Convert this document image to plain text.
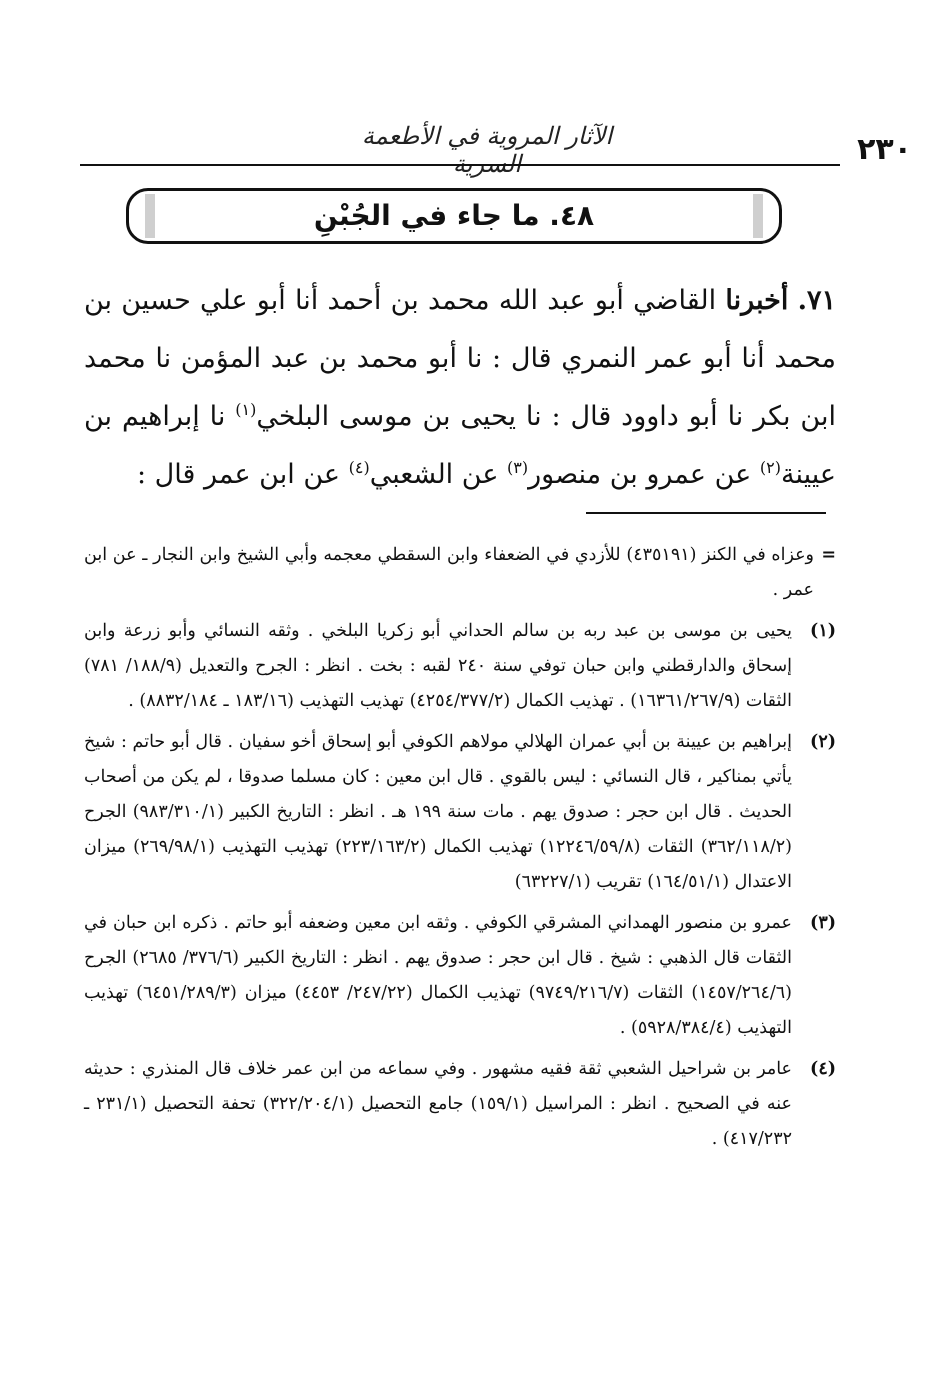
٢٣٠
الآثار المروية في الأطعمة السرية
٤٨. ما جاء في الجُبْنِ
٧١. أخبرنا القاضي أبو عبد الله محمد بن أحمد أنا أبو علي حسين بن محمد أنا أبو عمر النمري قال : نا أبو محمد بن عبد المؤمن نا محمد ابن بكر نا أبو داوود قال : نا يحيى بن موسى البلخي$^{(١)}$ نا إبراهيم بن عيينة$^{(٢)}$ عن عمرو بن منصور$^{(٣)}$ عن الشعبي$^{(٤)}$ عن ابن عمر قال :
=
وعزاه في الكنز (٤٣٥١٩١) للأزدي في الضعفاء وابن السقطي معجمه وأبي الشيخ وابن النجار ـ عن ابن عمر .
(١)
يحيى بن موسى بن عبد ربه بن سالم الحداني أبو زكريا البلخي . وثقه النسائي وأبو زرعة وابن إسحاق والدارقطني وابن حبان توفي سنة ٢٤٠ لقبه : بخت . انظر : الجرح والتعديل (١٨٨/٩/ ٧٨١) الثقات (١٦٣٦١/٢٦٧/٩) . تهذيب الكمال (٤٢٥٤/٣٧٧/٢) تهذيب التهذيب (١٨٣/١٦ ـ ٨٨٣٢/١٨٤) .
(٢)
إبراهيم بن عيينة بن أبي عمران الهلالي مولاهم الكوفي أبو إسحاق أخو سفيان . قال أبو حاتم : شيخ يأتي بمناكير ، قال النسائي : ليس بالقوي . قال ابن معين : كان مسلما صدوقا ، لم يكن من أصحاب الحديث . قال ابن حجر : صدوق يهم . مات سنة ١٩٩ هـ . انظر : التاريخ الكبير (٩٨٣/٣١٠/١) الجرح (٣٦٢/١١٨/٢) الثقات (١٢٢٤٦/٥٩/٨) تهذيب الكمال (٢٢٣/١٦٣/٢) تهذيب التهذيب (٢٦٩/٩٨/١) ميزان الاعتدال (١٦٤/٥١/١) تقريب (٦٣٢٢٧/١)
(٣)
عمرو بن منصور الهمداني المشرقي الكوفي . وثقه ابن معين وضعفه أبو حاتم . ذكره ابن حبان في الثقات قال الذهبي : شيخ . قال ابن حجر : صدوق يهم . انظر : التاريخ الكبير (٣٧٦/٦/ ٢٦٨٥) الجرح (١٤٥٧/٢٦٤/٦) الثقات (٩٧٤٩/٢١٦/٧) تهذيب الكمال (٢٤٧/٢٢/ ٤٤٥٣) ميزان (٦٤٥١/٢٨٩/٣) تهذيب التهذيب (٥٩٢٨/٣٨٤/٤) .
(٤)
عامر بن شراحيل الشعبي ثقة فقيه مشهور . وفي سماعه من ابن عمر خلاف قال المنذري : حديثه عنه في الصحيح . انظر : المراسيل (١٥٩/١) جامع التحصيل (٣٢٢/٢٠٤/١) تحفة التحصيل (٢٣١/١ ـ ٤١٧/٢٣٢) .
